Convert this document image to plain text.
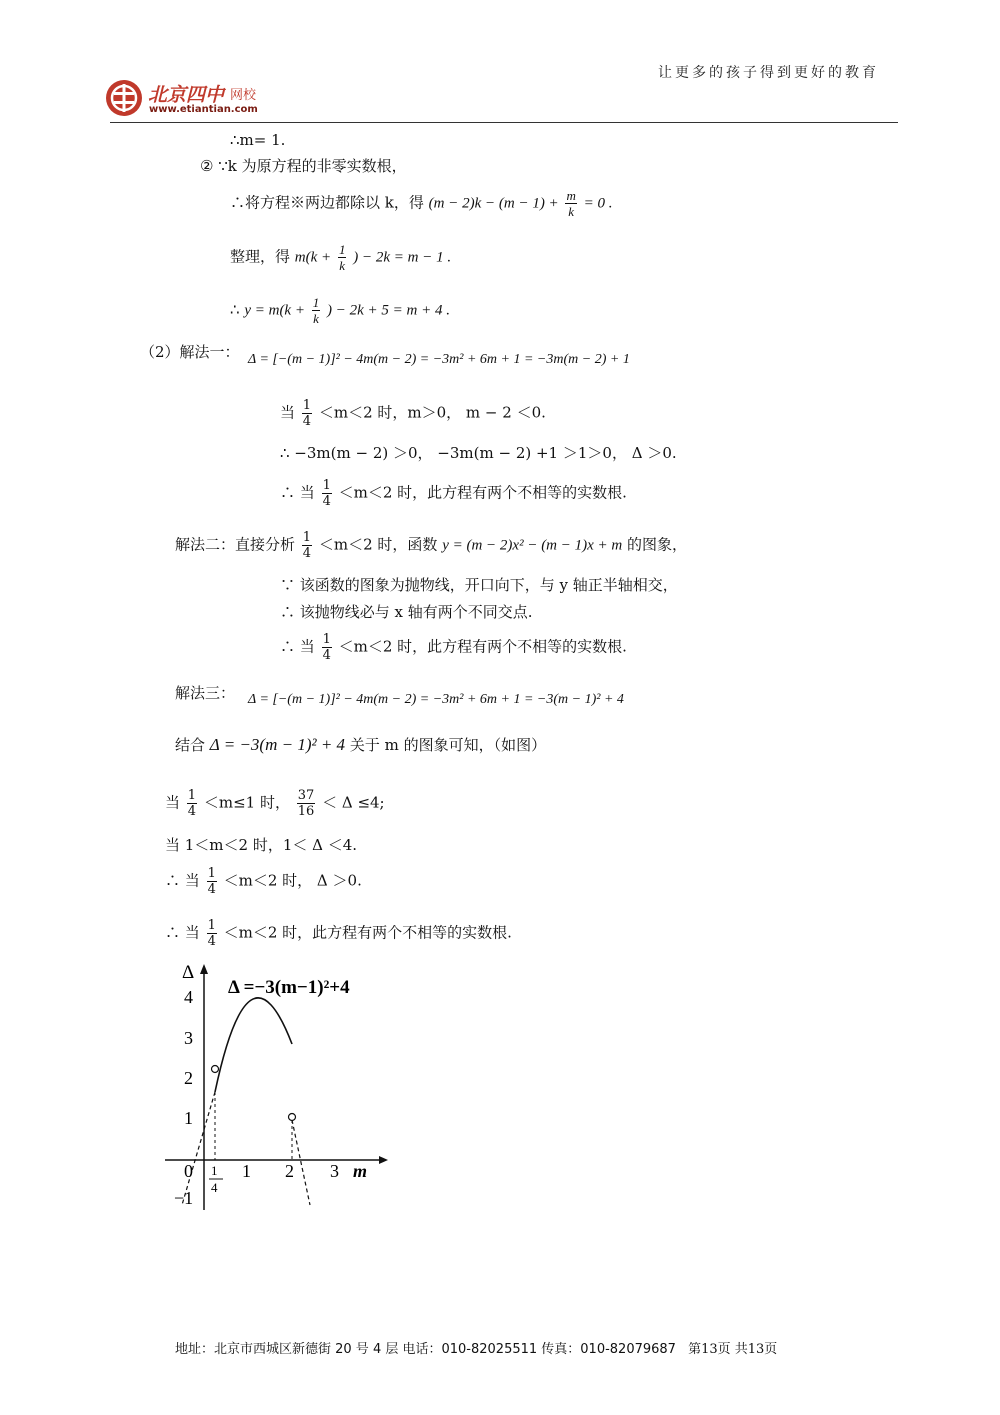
让更多的孩子得到更好的教育
北京四中 网校
www.etiantian.com
∴m= 1.
② ∵k 为原方程的非零实数根，
∴将方程※两边都除以 k，得 $(m - 2)k - (m - 1) + \frac{m}{k} = 0$ .
整理，得 $m(k + \frac{1}{k}$ ) − 2k = m − 1 .
∴ $y = m(k + \frac{1}{k}$ ) − 2k + 5 = m + 4 .
（2）解法一： Δ = [−(m − 1)]² − 4m(m − 2) = −3m² + 6m + 1 = −3m(m − 2) + 1
当 $\frac{1}{4} <m<2$ 时，m＞0， m − 2 ＜0.
∴ −3m(m − 2) ＞0， −3m(m − 2) +1 ＞1＞0， Δ ＞0.
∴ 当 $\frac{1}{4} <m<2$ 时，此方程有两个不相等的实数根.
解法二：直接分析 $\frac{1}{4} <m<2$ 时，函数 y = (m − 2)x² − (m − 1)x + m 的图象，
∵ 该函数的图象为抛物线，开口向下，与 y 轴正半轴相交，
∴ 该抛物线必与 x 轴有两个不同交点.
∴ 当 $\frac{1}{4} <m<2$ 时，此方程有两个不相等的实数根.
解法三： Δ = [−(m − 1)]² − 4m(m − 2) = −3m² + 6m + 1 = −3(m − 1)² + 4
结合 Δ = −3(m − 1)² + 4 关于 m 的图象可知，（如图）
当 $\frac{1}{4} <m\le 1$ 时， $\frac{37}{16} < \Delta \le 4$;
当 1＜m＜2 时，1＜ Δ ＜4.
∴ 当 $\frac{1}{4} <m<2$ 时， Δ ＞0.
∴ 当 $\frac{1}{4} <m<2$ 时，此方程有两个不相等的实数根.
Δ
Δ =−3(m−1)²+4
4
3
2
1
−1
0 1
4
1 2 3 m
地址：北京市西城区新德街 20 号 4 层 电话：010-82025511 传真：010-82079687 第13页 共13页
